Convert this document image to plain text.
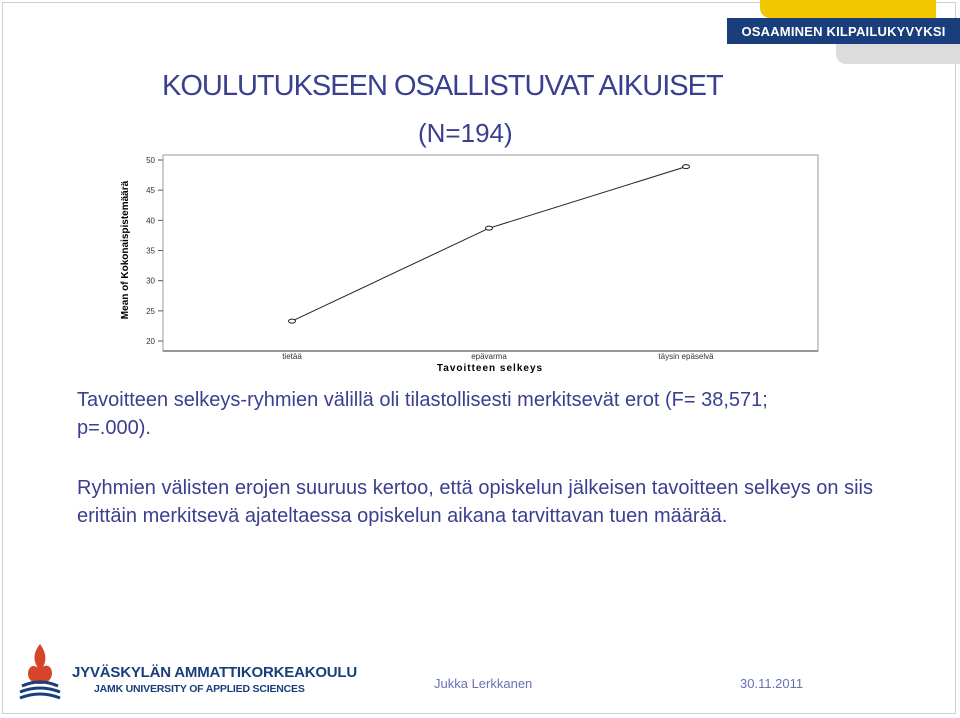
OSAAMINEN KILPAILUKYVYKSI
KOULUTUKSEEN OSALLISTUVAT AIKUISET
(N=194)
20
25
30
35
40
45
50
tietää	epävarma	täysin epäselvä
Tavoitteen selkeys
Mean of Kokonaispistemäärä
Tavoitteen selkeys-ryhmien välillä oli tilastollisesti merkitsevät erot (F= 38,571; p=.000).
Ryhmien välisten erojen suuruus kertoo, että opiskelun jälkeisen tavoitteen selkeys on siis erittäin merkitsevä ajateltaessa opiskelun aikana tarvittavan tuen määrää.
JYVÄSKYLÄN AMMATTIKORKEAKOULU
JAMK UNIVERSITY OF APPLIED SCIENCES	Jukka Lerkkanen	30.11.2011
